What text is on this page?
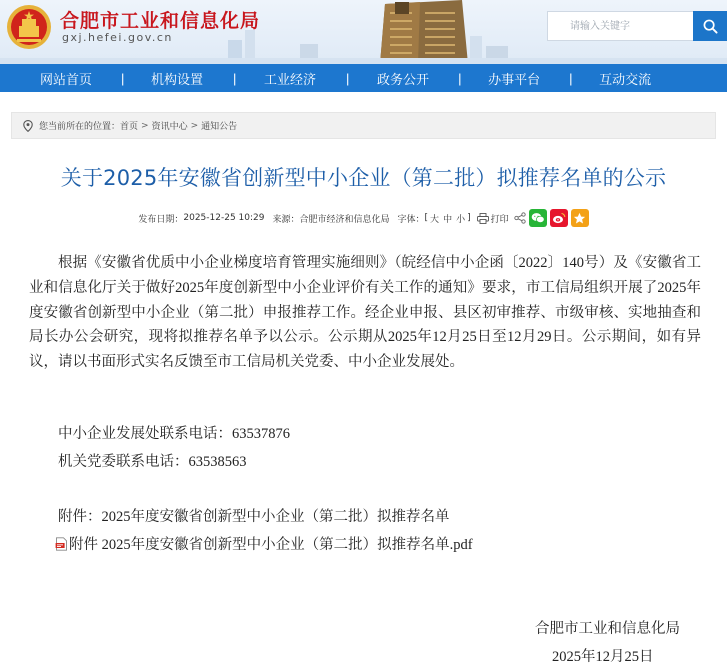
合肥市工业和信息化局
gxj.hefei.gov.cn
请输入关键字
网站首页 | 机构设置 | 工业经济 | 政务公开 | 办事平台 | 互动交流
您当前所在的位置： 首页 > 资讯中心 > 通知公告
关于2025年安徽省创新型中小企业（第二批）拟推荐名单的公示
发布日期： 2025-12-25 10:29 来源： 合肥市经济和信息化局 字体： [ 大 中 小 ] 打印

根据《安徽省优质中小企业梯度培育管理实施细则》（皖经信中小企函〔2022〕140号）及《安徽省工业和信息化厅关于做好2025年度创新型中小企业评价有关工作的通知》要求，市工信局组织开展了2025年度安徽省创新型中小企业（第二批）申报推荐工作。经企业申报、县区初审推荐、市级审核、实地抽查和局长办公会研究，现将拟推荐名单予以公示。公示期从2025年12月25日至12月29日。公示期间，如有异议，请以书面形式实名反馈至市工信局机关党委、中小企业发展处。

中小企业发展处联系电话：63537876
机关党委联系电话：63538563
附件：2025年度安徽省创新型中小企业（第二批）拟推荐名单
附件 2025年度安徽省创新型中小企业（第二批）拟推荐名单.pdf
合肥市工业和信息化局
2025年12月25日
